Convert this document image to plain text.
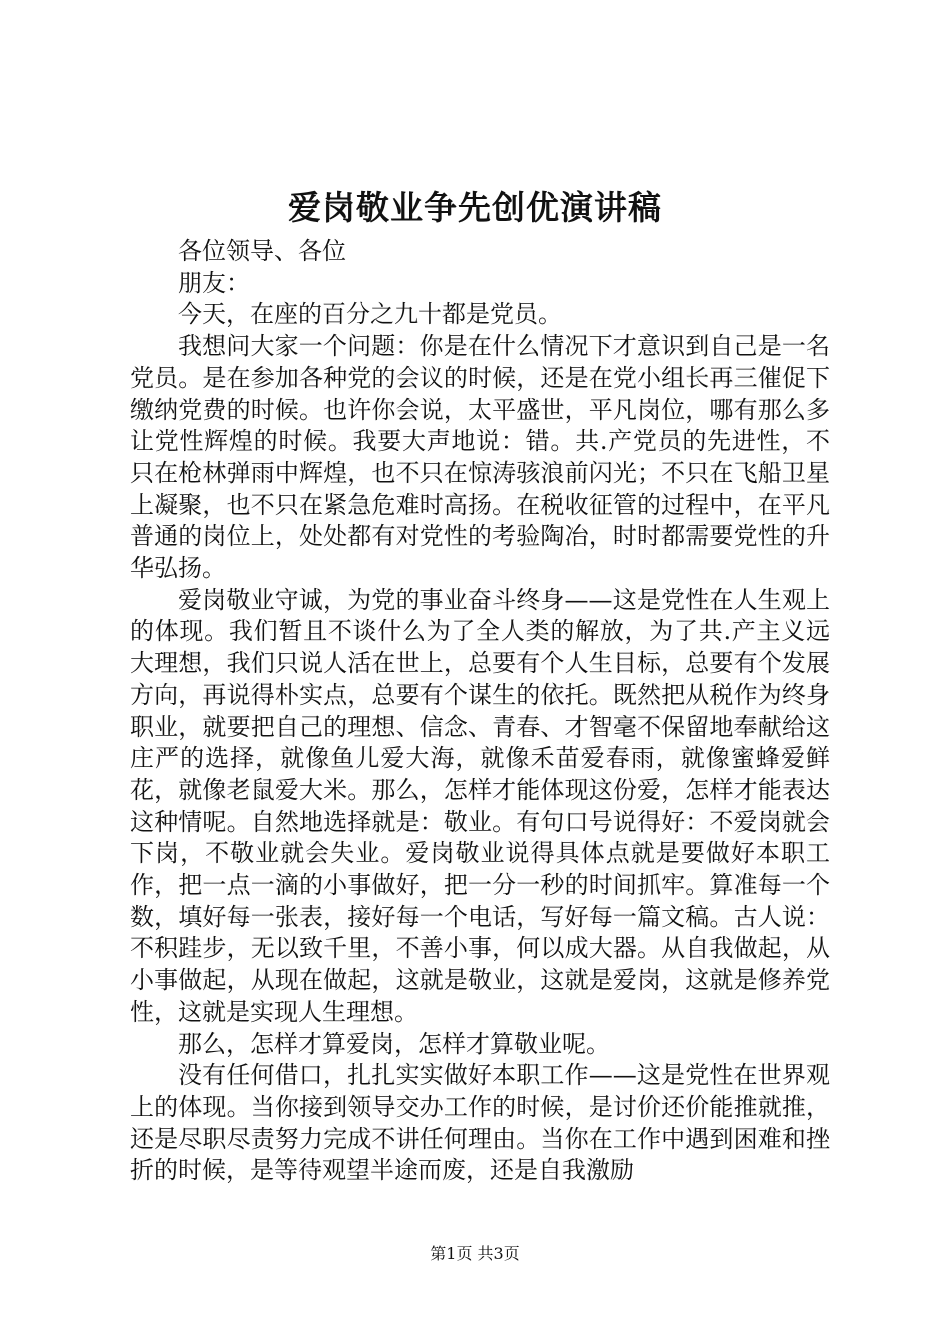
爱岗敬业争先创优演讲稿

各位领导、各位

朋友：

今天，在座的百分之九十都是党员。

我想问大家一个问题：你是在什么情况下才意识到自己是一名党员。是在参加各种党的会议的时候，还是在党小组长再三催促下缴纳党费的时候。也许你会说，太平盛世，平凡岗位，哪有那么多让党性辉煌的时候。我要大声地说：错。共.产党员的先进性，不只在枪林弹雨中辉煌，也不只在惊涛骇浪前闪光；不只在飞船卫星上凝聚，也不只在紧急危难时高扬。在税收征管的过程中，在平凡普通的岗位上，处处都有对党性的考验陶冶，时时都需要党性的升华弘扬。

爱岗敬业守诚，为党的事业奋斗终身——这是党性在人生观上的体现。我们暂且不谈什么为了全人类的解放，为了共.产主义远大理想，我们只说人活在世上，总要有个人生目标，总要有个发展方向，再说得朴实点，总要有个谋生的依托。既然把从税作为终身职业，就要把自己的理想、信念、青春、才智毫不保留地奉献给这庄严的选择，就像鱼儿爱大海，就像禾苗爱春雨，就像蜜蜂爱鲜花，就像老鼠爱大米。那么，怎样才能体现这份爱，怎样才能表达这种情呢。自然地选择就是：敬业。有句口号说得好：不爱岗就会下岗，不敬业就会失业。爱岗敬业说得具体点就是要做好本职工作，把一点一滴的小事做好，把一分一秒的时间抓牢。算准每一个数，填好每一张表，接好每一个电话，写好每一篇文稿。古人说：不积跬步，无以致千里，不善小事，何以成大器。从自我做起，从小事做起，从现在做起，这就是敬业，这就是爱岗，这就是修养党性，这就是实现人生理想。

那么，怎样才算爱岗，怎样才算敬业呢。

没有任何借口，扎扎实实做好本职工作——这是党性在世界观上的体现。当你接到领导交办工作的时候，是讨价还价能推就推，还是尽职尽责努力完成不讲任何理由。当你在工作中遇到困难和挫折的时候，是等待观望半途而废，还是自我激励

第1页 共3页
